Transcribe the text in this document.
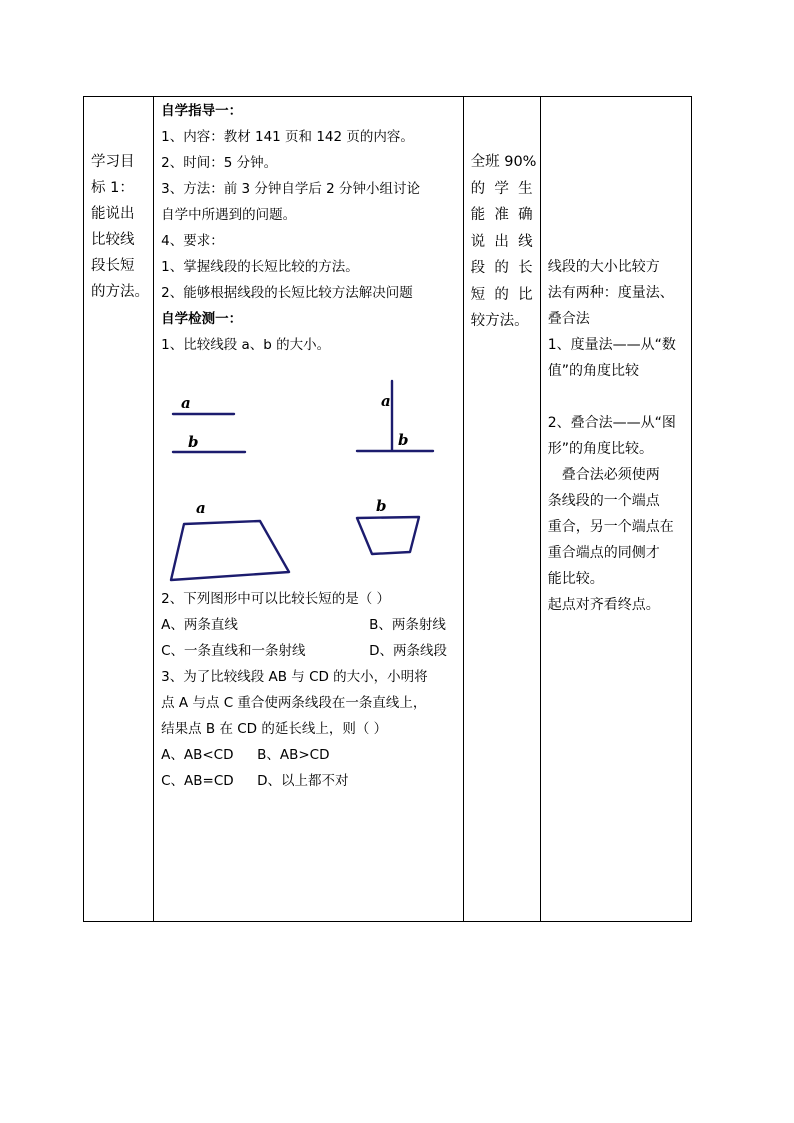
学习目
标 1：
能说出
比较线
段长短
的方法。

自学指导一：
1、内容：教材 141 页和 142 页的内容。
2、时间：5 分钟。
3、方法：前 3 分钟自学后 2 分钟小组讨论
自学中所遇到的问题。
4、要求：
1、掌握线段的长短比较的方法。
2、能够根据线段的长短比较方法解决问题
自学检测一：
1、比较线段 a、b 的大小。
a
b
a
b
a	b
2、下列图形中可以比较长短的是（ ）
A、两条直线	B、两条射线
C、一条直线和一条射线	D、两条线段
3、为了比较线段 AB 与 CD 的大小，小明将
点 A 与点 C 重合使两条线段在一条直线上，
结果点 B 在 CD 的延长线上，则（ ）
A、AB<CD	B、AB>CD
C、AB=CD	D、以上都不对

全班 90%
的 学 生
能 准 确
说 出 线
段 的 长
短 的 比
较方法。

线段的大小比较方
法有两种：度量法、
叠合法
1、度量法——从“数
值”的角度比较
2、叠合法——从“图
形”的角度比较。
　叠合法必须使两
条线段的一个端点
重合，另一个端点在
重合端点的同侧才
能比较。
起点对齐看终点。
